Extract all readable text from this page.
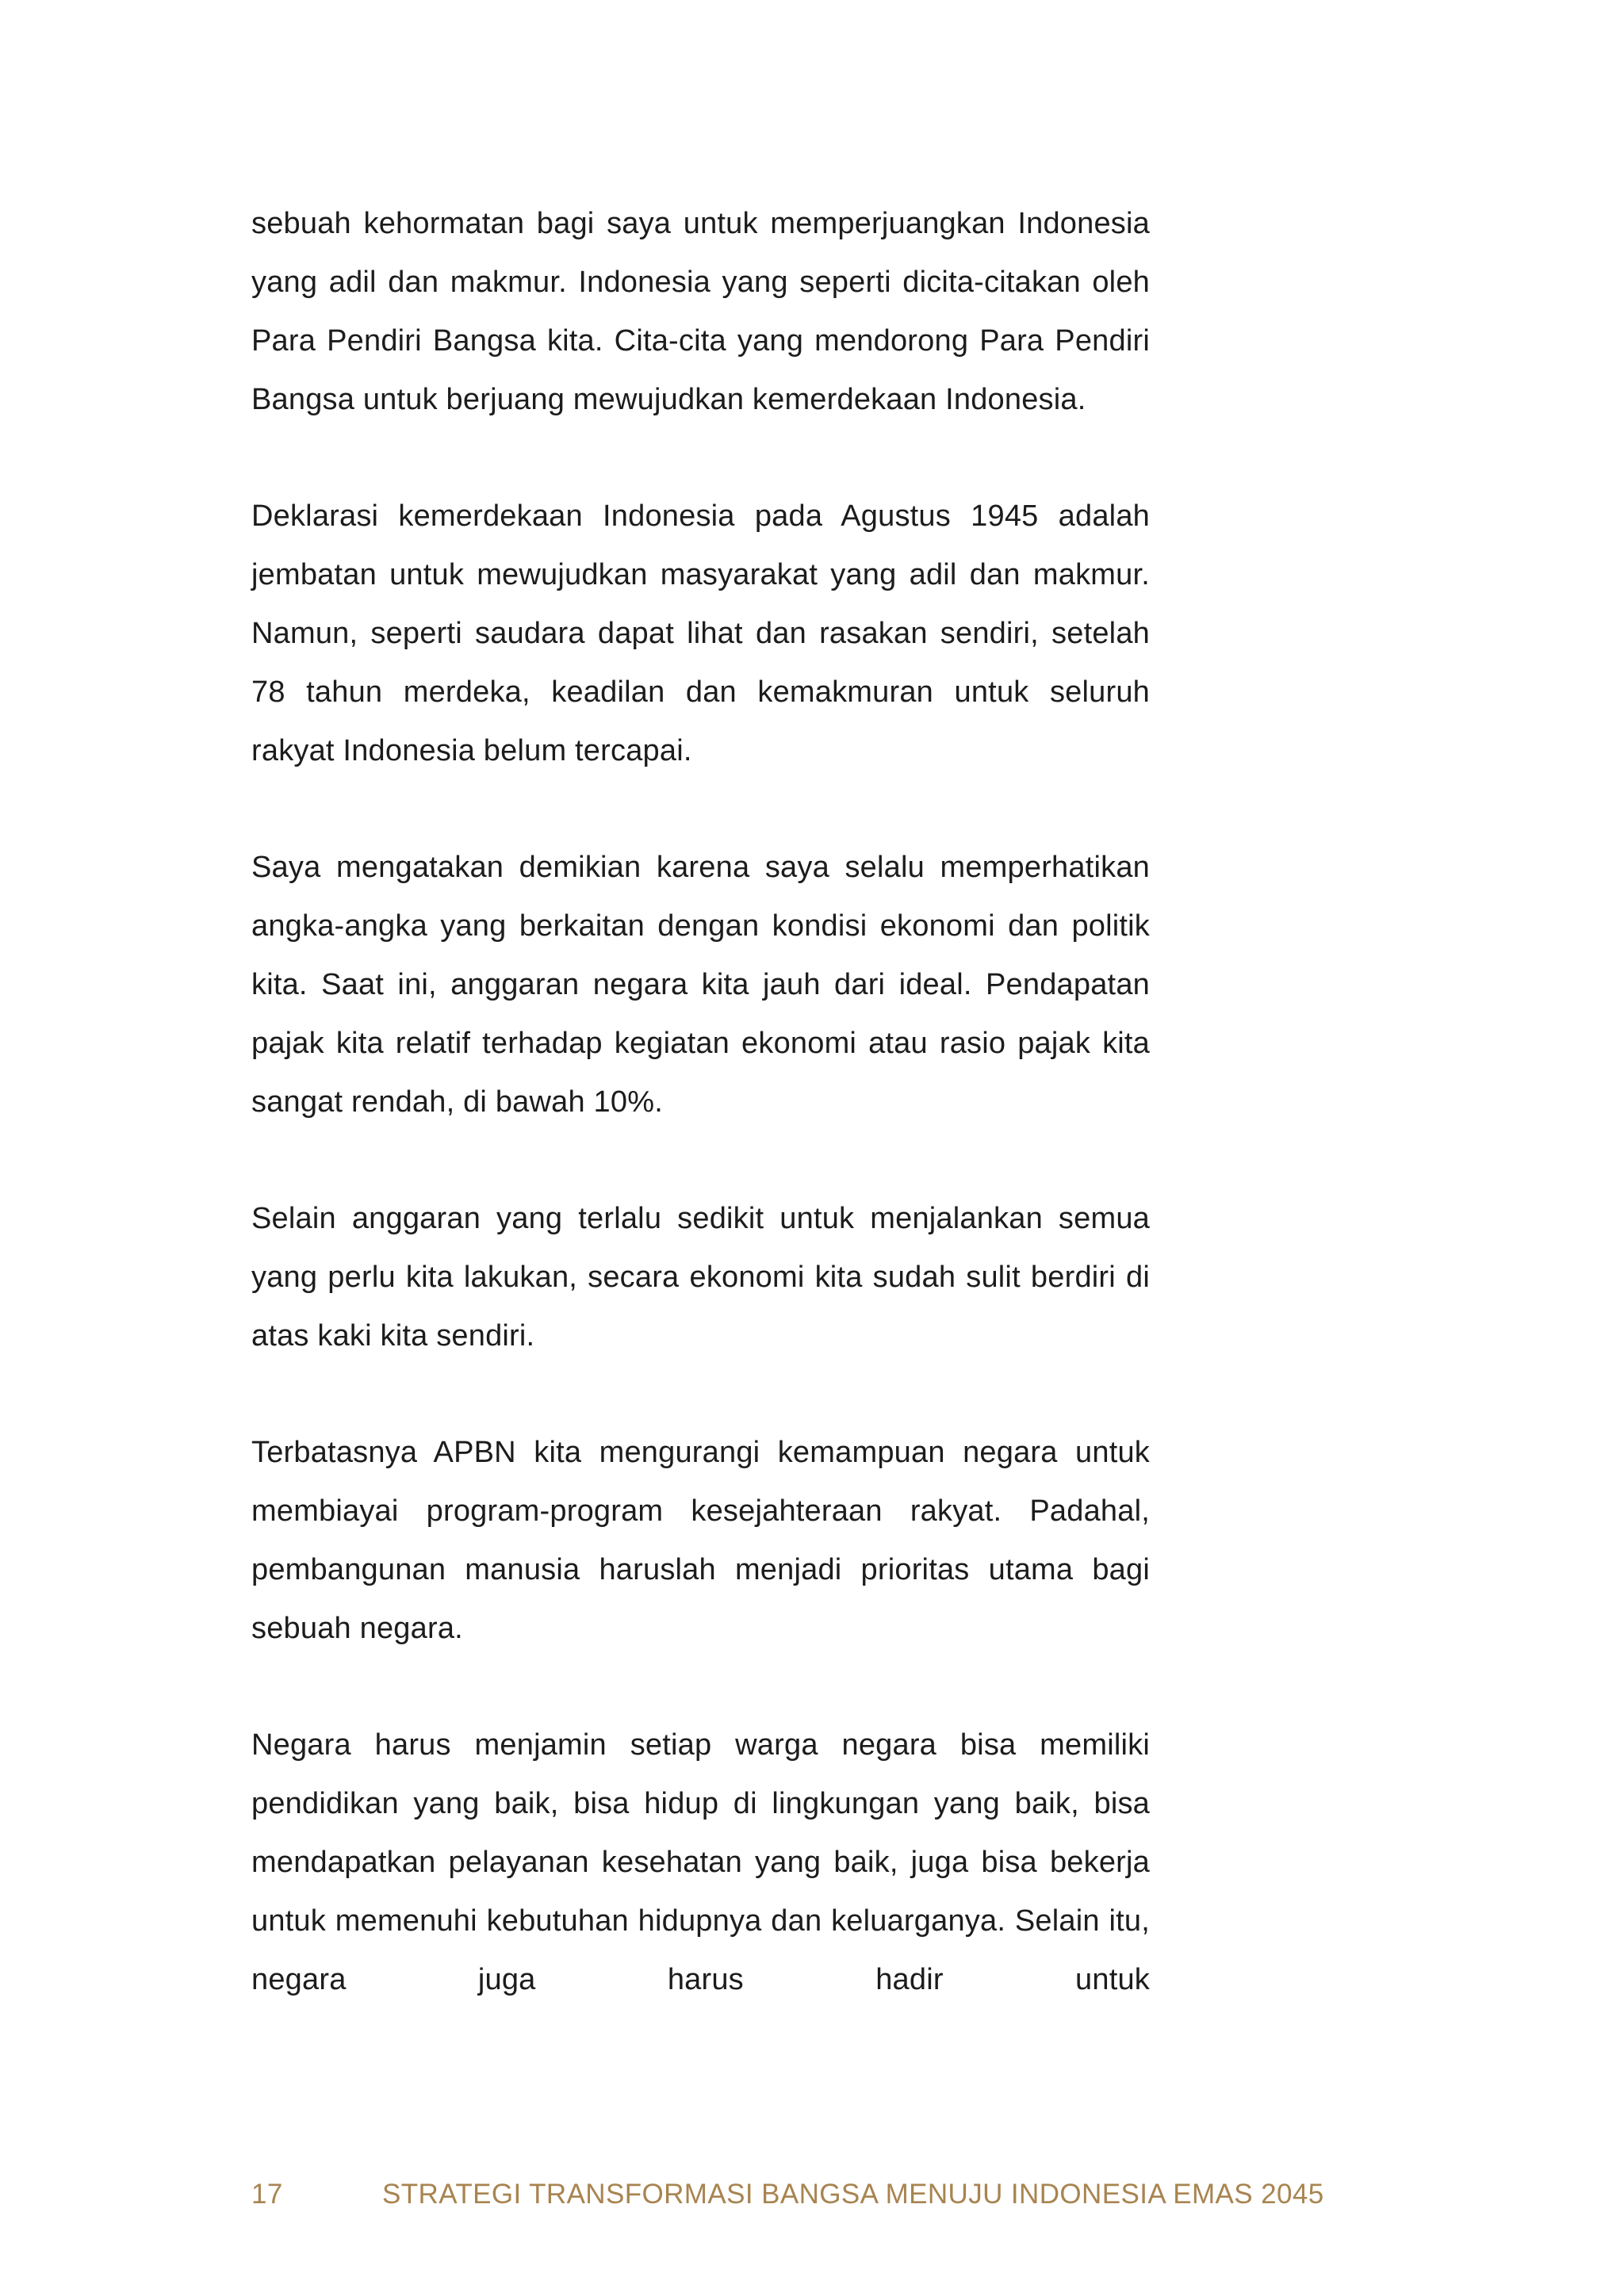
sebuah kehormatan bagi saya untuk memperjuangkan Indonesia yang adil dan makmur. Indonesia yang seperti dicita-citakan oleh Para Pendiri Bangsa kita. Cita-cita yang mendorong Para Pendiri Bangsa untuk berjuang mewujudkan kemerdekaan Indonesia.

Deklarasi kemerdekaan Indonesia pada Agustus 1945 adalah jembatan untuk mewujudkan masyarakat yang adil dan makmur. Namun, seperti saudara dapat lihat dan rasakan sendiri, setelah 78 tahun merdeka, keadilan dan kemakmuran untuk seluruh rakyat Indonesia belum tercapai.

Saya mengatakan demikian karena saya selalu memperhatikan angka-angka yang berkaitan dengan kondisi ekonomi dan politik kita. Saat ini, anggaran negara kita jauh dari ideal. Pendapatan pajak kita relatif terhadap kegiatan ekonomi atau rasio pajak kita sangat rendah, di bawah 10%.

Selain anggaran yang terlalu sedikit untuk menjalankan semua yang perlu kita lakukan, secara ekonomi kita sudah sulit berdiri di atas kaki kita sendiri.

Terbatasnya APBN kita mengurangi kemampuan negara untuk membiayai program-program kesejahteraan rakyat. Padahal, pembangunan manusia haruslah menjadi prioritas utama bagi sebuah negara.

Negara harus menjamin setiap warga negara bisa memiliki pendidikan yang baik, bisa hidup di lingkungan yang baik, bisa mendapatkan pelayanan kesehatan yang baik, juga bisa bekerja untuk memenuhi kebutuhan hidupnya dan keluarganya. Selain itu, negara juga harus hadir untuk

17	STRATEGI TRANSFORMASI BANGSA MENUJU INDONESIA EMAS 2045
